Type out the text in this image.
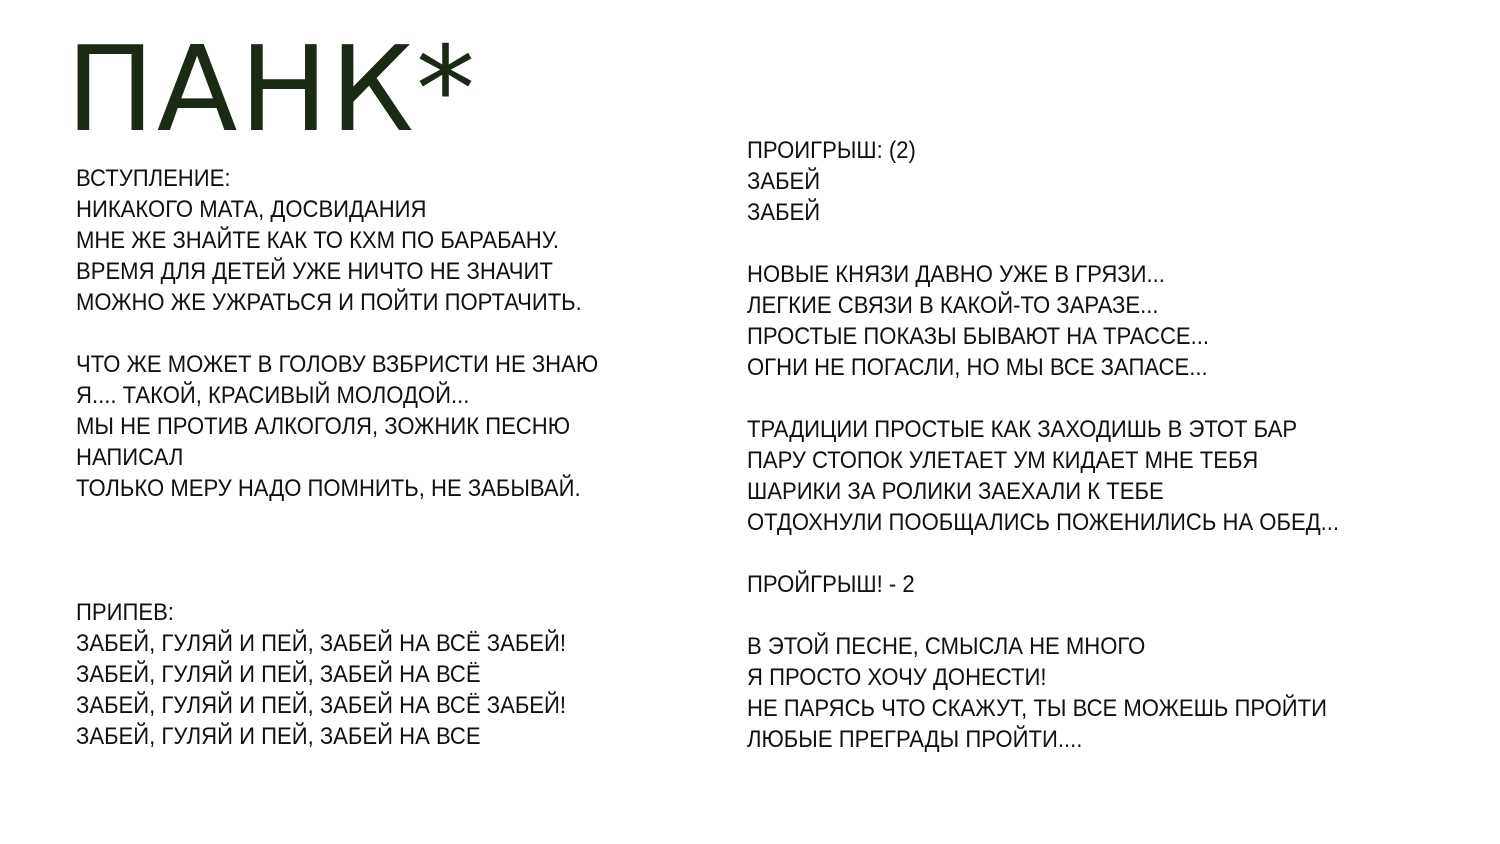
ПАНК*
ВСТУПЛЕНИЕ:
НИКАКОГО МАТА, ДОСВИДАНИЯ
МНЕ ЖЕ ЗНАЙТЕ КАК ТО КХМ ПО БАРАБАНУ.
ВРЕМЯ ДЛЯ ДЕТЕЙ УЖЕ НИЧТО НЕ ЗНАЧИТ
МОЖНО ЖЕ УЖРАТЬСЯ И ПОЙТИ ПОРТАЧИТЬ.
ЧТО ЖЕ МОЖЕТ В ГОЛОВУ ВЗБРИСТИ НЕ ЗНАЮ
Я.... ТАКОЙ, КРАСИВЫЙ МОЛОДОЙ...
МЫ НЕ ПРОТИВ АЛКОГОЛЯ, ЗОЖНИК ПЕСНЮ
НАПИСАЛ
ТОЛЬКО МЕРУ НАДО ПОМНИТЬ, НЕ ЗАБЫВАЙ.
ПРИПЕВ:
ЗАБЕЙ, ГУЛЯЙ И ПЕЙ, ЗАБЕЙ НА ВСЁ ЗАБЕЙ!
ЗАБЕЙ, ГУЛЯЙ И ПЕЙ, ЗАБЕЙ НА ВСЁ
ЗАБЕЙ, ГУЛЯЙ И ПЕЙ, ЗАБЕЙ НА ВСЁ ЗАБЕЙ!
ЗАБЕЙ, ГУЛЯЙ И ПЕЙ, ЗАБЕЙ НА ВСЕ
ПРОИГРЫШ: (2)
ЗАБЕЙ
ЗАБЕЙ
НОВЫЕ КНЯЗИ ДАВНО УЖЕ В ГРЯЗИ...
ЛЕГКИЕ СВЯЗИ В КАКОЙ-ТО ЗАРАЗЕ...
ПРОСТЫЕ ПОКАЗЫ БЫВАЮТ НА ТРАССЕ...
ОГНИ НЕ ПОГАСЛИ, НО МЫ ВСЕ ЗАПАСЕ...
ТРАДИЦИИ ПРОСТЫЕ КАК ЗАХОДИШЬ В ЭТОТ БАР
ПАРУ СТОПОК УЛЕТАЕТ УМ КИДАЕТ МНЕ ТЕБЯ
ШАРИКИ ЗА РОЛИКИ ЗАЕХАЛИ К ТЕБЕ
ОТДОХНУЛИ ПООБЩАЛИСЬ ПОЖЕНИЛИСЬ НА ОБЕД...
ПРОЙГРЫШ! - 2
В ЭТОЙ ПЕСНЕ, СМЫСЛА НЕ МНОГО
Я ПРОСТО ХОЧУ ДОНЕСТИ!
НЕ ПАРЯСЬ ЧТО СКАЖУТ, ТЫ ВСЕ МОЖЕШЬ ПРОЙТИ
ЛЮБЫЕ ПРЕГРАДЫ ПРОЙТИ....
